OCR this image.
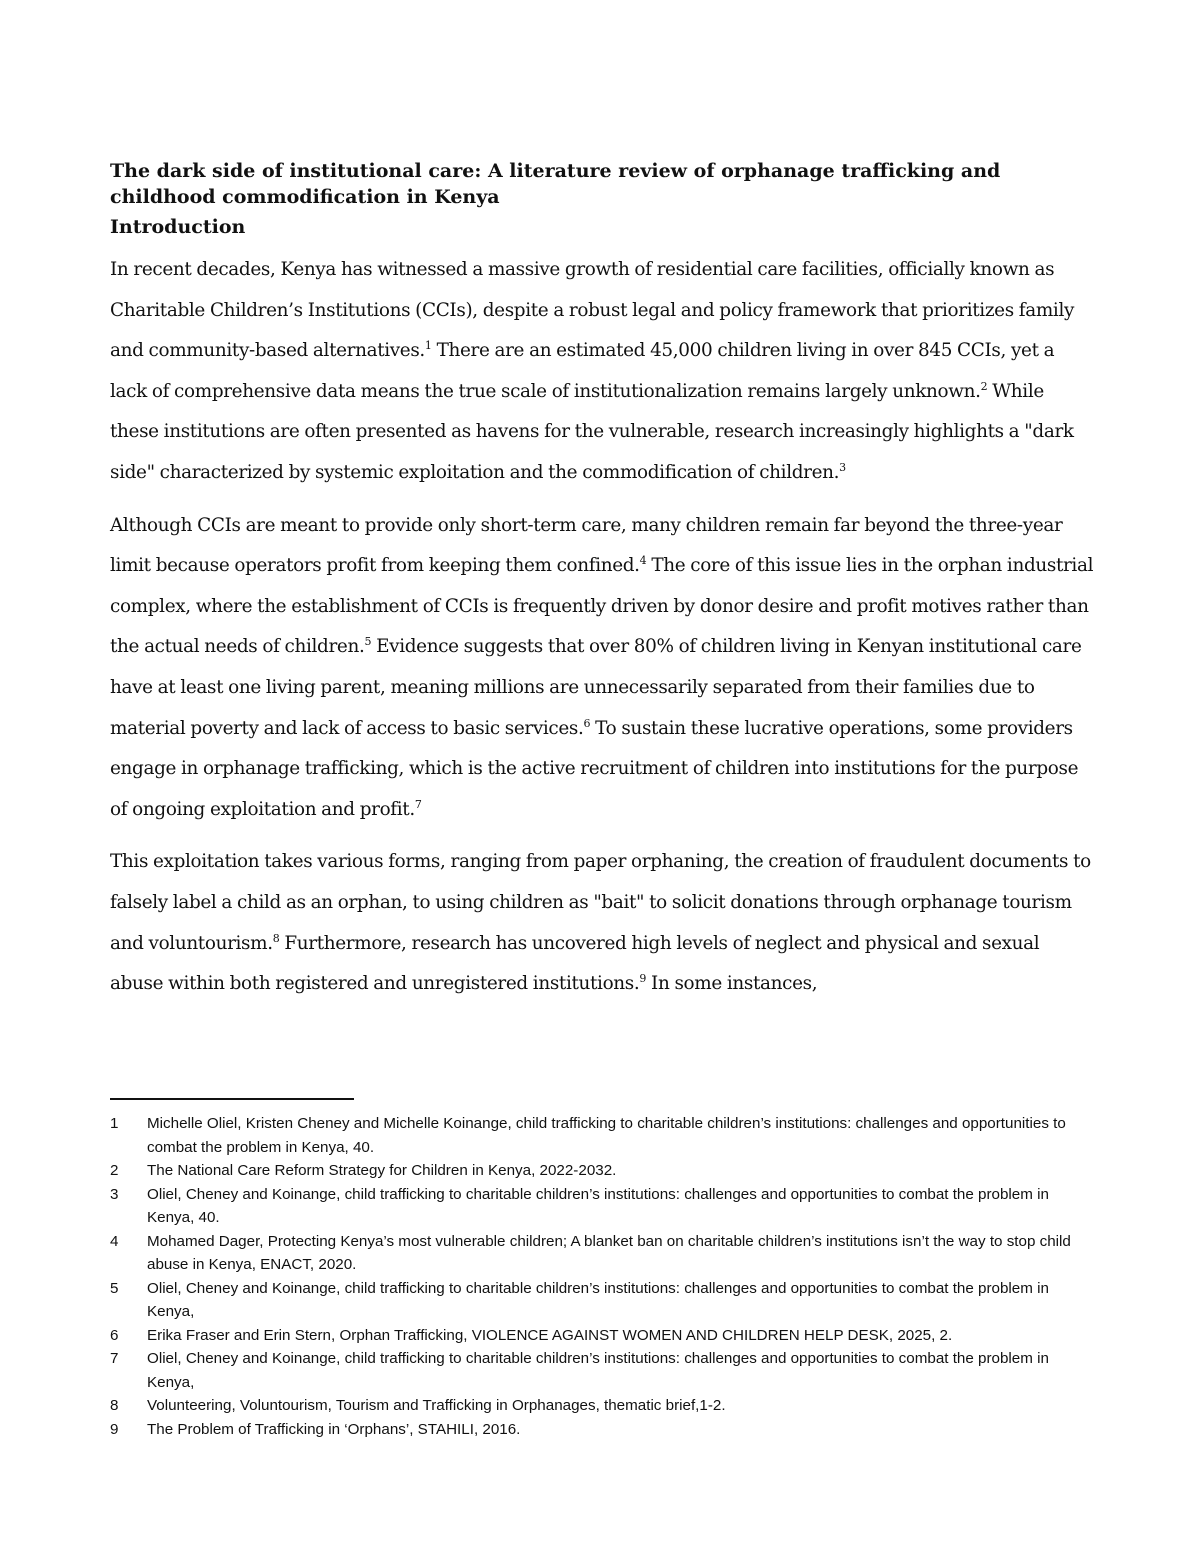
The dark side of institutional care: A literature review of orphanage trafficking and childhood commodification in Kenya
Introduction

In recent decades, Kenya has witnessed a massive growth of residential care facilities, officially known as Charitable Children’s Institutions (CCIs), despite a robust legal and policy framework that prioritizes family and community-based alternatives.$^1$ There are an estimated 45,000 children living in over 845 CCIs, yet a lack of comprehensive data means the true scale of institutionalization remains largely unknown.$^2$ While these institutions are often presented as havens for the vulnerable, research increasingly highlights a "dark side" characterized by systemic exploitation and the commodification of children.$^3$

Although CCIs are meant to provide only short-term care, many children remain far beyond the three-year limit because operators profit from keeping them confined.$^4$ The core of this issue lies in the orphan industrial complex, where the establishment of CCIs is frequently driven by donor desire and profit motives rather than the actual needs of children.$^5$ Evidence suggests that over 80% of children living in Kenyan institutional care have at least one living parent, meaning millions are unnecessarily separated from their families due to material poverty and lack of access to basic services.$^6$ To sustain these lucrative operations, some providers engage in orphanage trafficking, which is the active recruitment of children into institutions for the purpose of ongoing exploitation and profit.$^7$

This exploitation takes various forms, ranging from paper orphaning, the creation of fraudulent documents to falsely label a child as an orphan, to using children as "bait" to solicit donations through orphanage tourism and voluntourism.$^8$ Furthermore, research has uncovered high levels of neglect and physical and sexual abuse within both registered and unregistered institutions.$^9$ In some instances,

1	Michelle Oliel, Kristen Cheney and Michelle Koinange, child trafficking to charitable children’s institutions: challenges and opportunities to combat the problem in Kenya, 40.
2	The National Care Reform Strategy for Children in Kenya, 2022-2032.
3	Oliel, Cheney and Koinange, child trafficking to charitable children’s institutions: challenges and opportunities to combat the problem in Kenya, 40.
4	Mohamed Dager, Protecting Kenya’s most vulnerable children; A blanket ban on charitable children’s institutions isn’t the way to stop child abuse in Kenya, ENACT, 2020.
5	Oliel, Cheney and Koinange, child trafficking to charitable children’s institutions: challenges and opportunities to combat the problem in Kenya,
6	Erika Fraser and Erin Stern, Orphan Trafficking, VIOLENCE AGAINST WOMEN AND CHILDREN HELP DESK, 2025, 2.
7	Oliel, Cheney and Koinange, child trafficking to charitable children’s institutions: challenges and opportunities to combat the problem in Kenya,
8	Volunteering, Voluntourism, Tourism and Trafficking in Orphanages, thematic brief,1-2.
9	The Problem of Trafficking in ‘Orphans’, STAHILI, 2016.
